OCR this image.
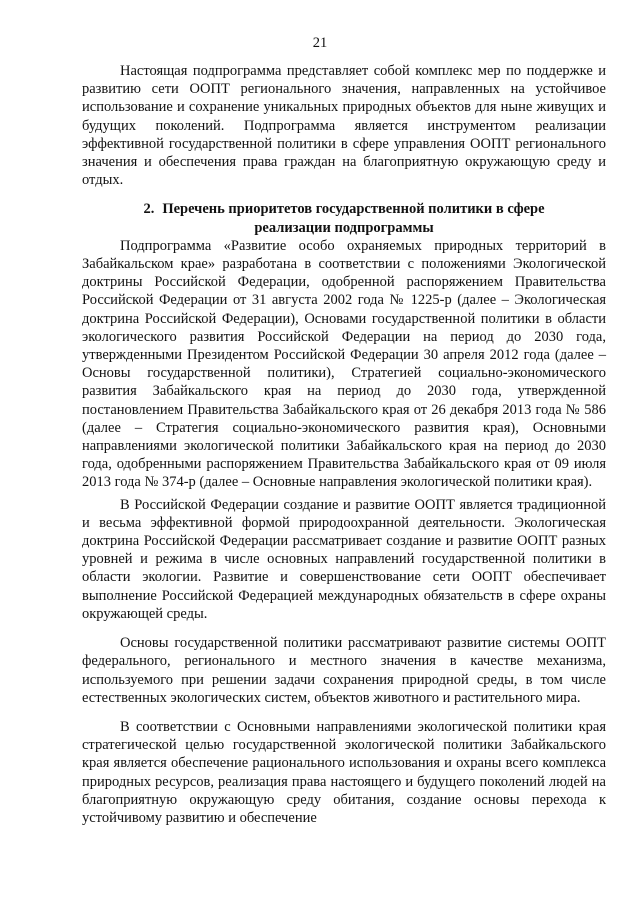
21

Настоящая подпрограмма представляет собой комплекс мер по поддержке и развитию сети ООПТ регионального значения, направленных на устойчивое использование и сохранение уникальных природных объектов для ныне живущих и будущих поколений. Подпрограмма является инструментом реализации эффективной государственной политики в сфере управления ООПТ регионального значения и обеспечения права граждан на благоприятную окружающую среду и отдых.

2. Перечень приоритетов государственной политики в сфере реализации подпрограммы

Подпрограмма «Развитие особо охраняемых природных территорий в Забайкальском крае» разработана в соответствии с положениями Экологической доктрины Российской Федерации, одобренной распоряжением Правительства Российской Федерации от 31 августа 2002 года № 1225-р (далее – Экологическая доктрина Российской Федерации), Основами государственной политики в области экологического развития Российской Федерации на период до 2030 года, утвержденными Президентом Российской Федерации 30 апреля 2012 года (далее – Основы государственной политики), Стратегией социально-экономического развития Забайкальского края на период до 2030 года, утвержденной постановлением Правительства Забайкальского края от 26 декабря 2013 года № 586 (далее – Стратегия социально-экономического развития края), Основными направлениями экологической политики Забайкальского края на период до 2030 года, одобренными распоряжением Правительства Забайкальского края от 09 июля 2013 года № 374-р (далее – Основные направления экологической политики края).

В Российской Федерации создание и развитие ООПТ является традиционной и весьма эффективной формой природоохранной деятельности. Экологическая доктрина Российской Федерации рассматривает создание и развитие ООПТ разных уровней и режима в числе основных направлений государственной политики в области экологии. Развитие и совершенствование сети ООПТ обеспечивает выполнение Российской Федерацией международных обязательств в сфере охраны окружающей среды.

Основы государственной политики рассматривают развитие системы ООПТ федерального, регионального и местного значения в качестве механизма, используемого при решении задачи сохранения природной среды, в том числе естественных экологических систем, объектов животного и растительного мира.

В соответствии с Основными направлениями экологической политики края стратегической целью государственной экологической политики Забайкальского края является обеспечение рационального использования и охраны всего комплекса природных ресурсов, реализация права настоящего и будущего поколений людей на благоприятную окружающую среду обитания, создание основы перехода к устойчивому развитию и обеспечение
